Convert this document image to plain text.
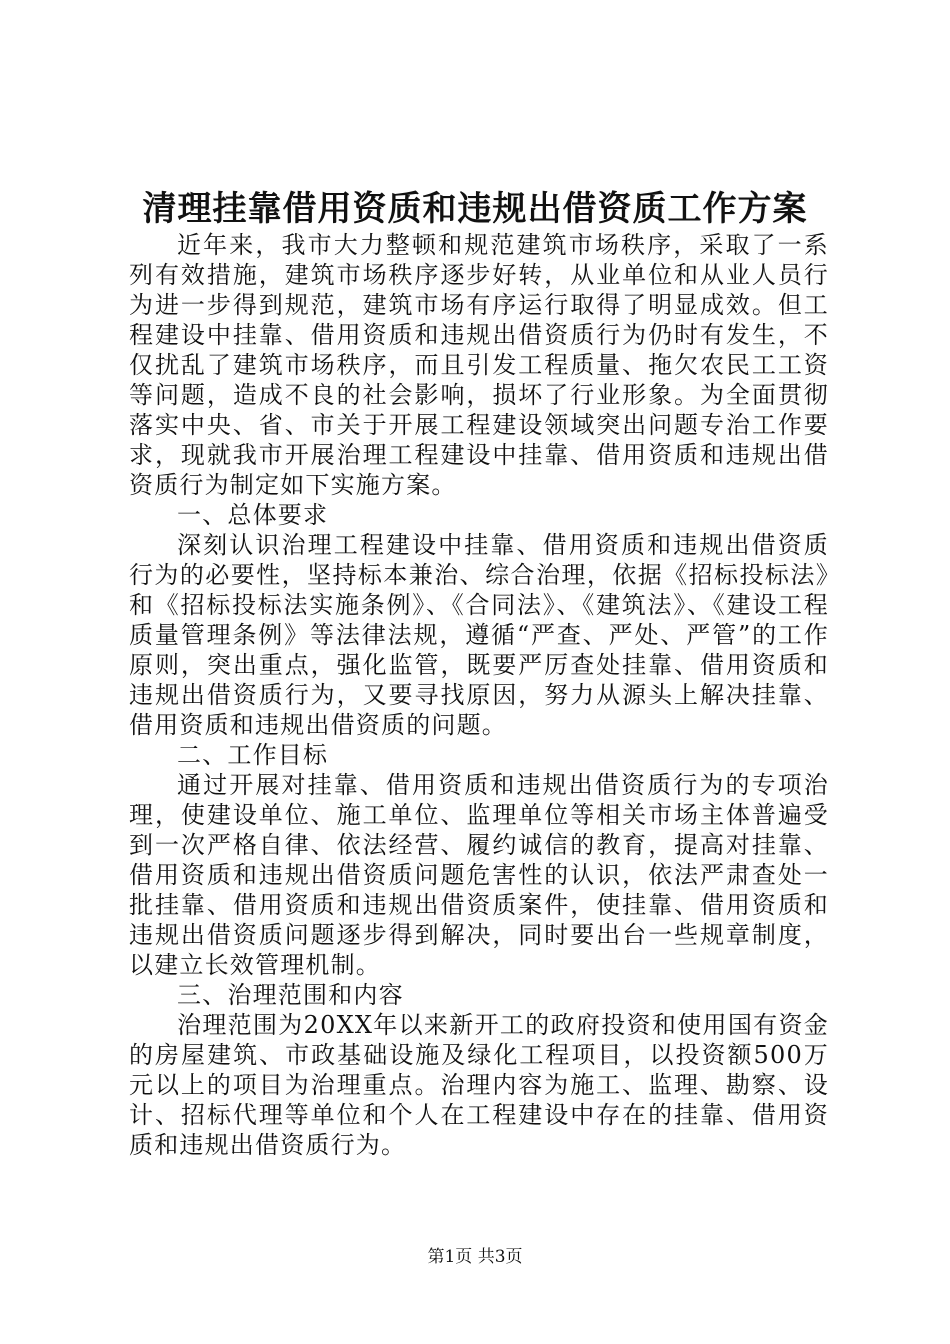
清理挂靠借用资质和违规出借资质工作方案

近年来，我市大力整顿和规范建筑市场秩序，采取了一系列有效措施，建筑市场秩序逐步好转，从业单位和从业人员行为进一步得到规范，建筑市场有序运行取得了明显成效。但工程建设中挂靠、借用资质和违规出借资质行为仍时有发生，不仅扰乱了建筑市场秩序，而且引发工程质量、拖欠农民工工资等问题，造成不良的社会影响，损坏了行业形象。为全面贯彻落实中央、省、市关于开展工程建设领域突出问题专治工作要求，现就我市开展治理工程建设中挂靠、借用资质和违规出借资质行为制定如下实施方案。

一、总体要求

深刻认识治理工程建设中挂靠、借用资质和违规出借资质行为的必要性，坚持标本兼治、综合治理，依据《招标投标法》和《招标投标法实施条例》、《合同法》、《建筑法》、《建设工程质量管理条例》等法律法规，遵循“严查、严处、严管”的工作原则，突出重点，强化监管，既要严厉查处挂靠、借用资质和违规出借资质行为，又要寻找原因，努力从源头上解决挂靠、借用资质和违规出借资质的问题。

二、工作目标

通过开展对挂靠、借用资质和违规出借资质行为的专项治理，使建设单位、施工单位、监理单位等相关市场主体普遍受到一次严格自律、依法经营、履约诚信的教育，提高对挂靠、借用资质和违规出借资质问题危害性的认识，依法严肃查处一批挂靠、借用资质和违规出借资质案件，使挂靠、借用资质和违规出借资质问题逐步得到解决，同时要出台一些规章制度，以建立长效管理机制。

三、治理范围和内容

治理范围为20XX年以来新开工的政府投资和使用国有资金的房屋建筑、市政基础设施及绿化工程项目，以投资额500万元以上的项目为治理重点。治理内容为施工、监理、勘察、设计、招标代理等单位和个人在工程建设中存在的挂靠、借用资质和违规出借资质行为。

第1页 共3页
